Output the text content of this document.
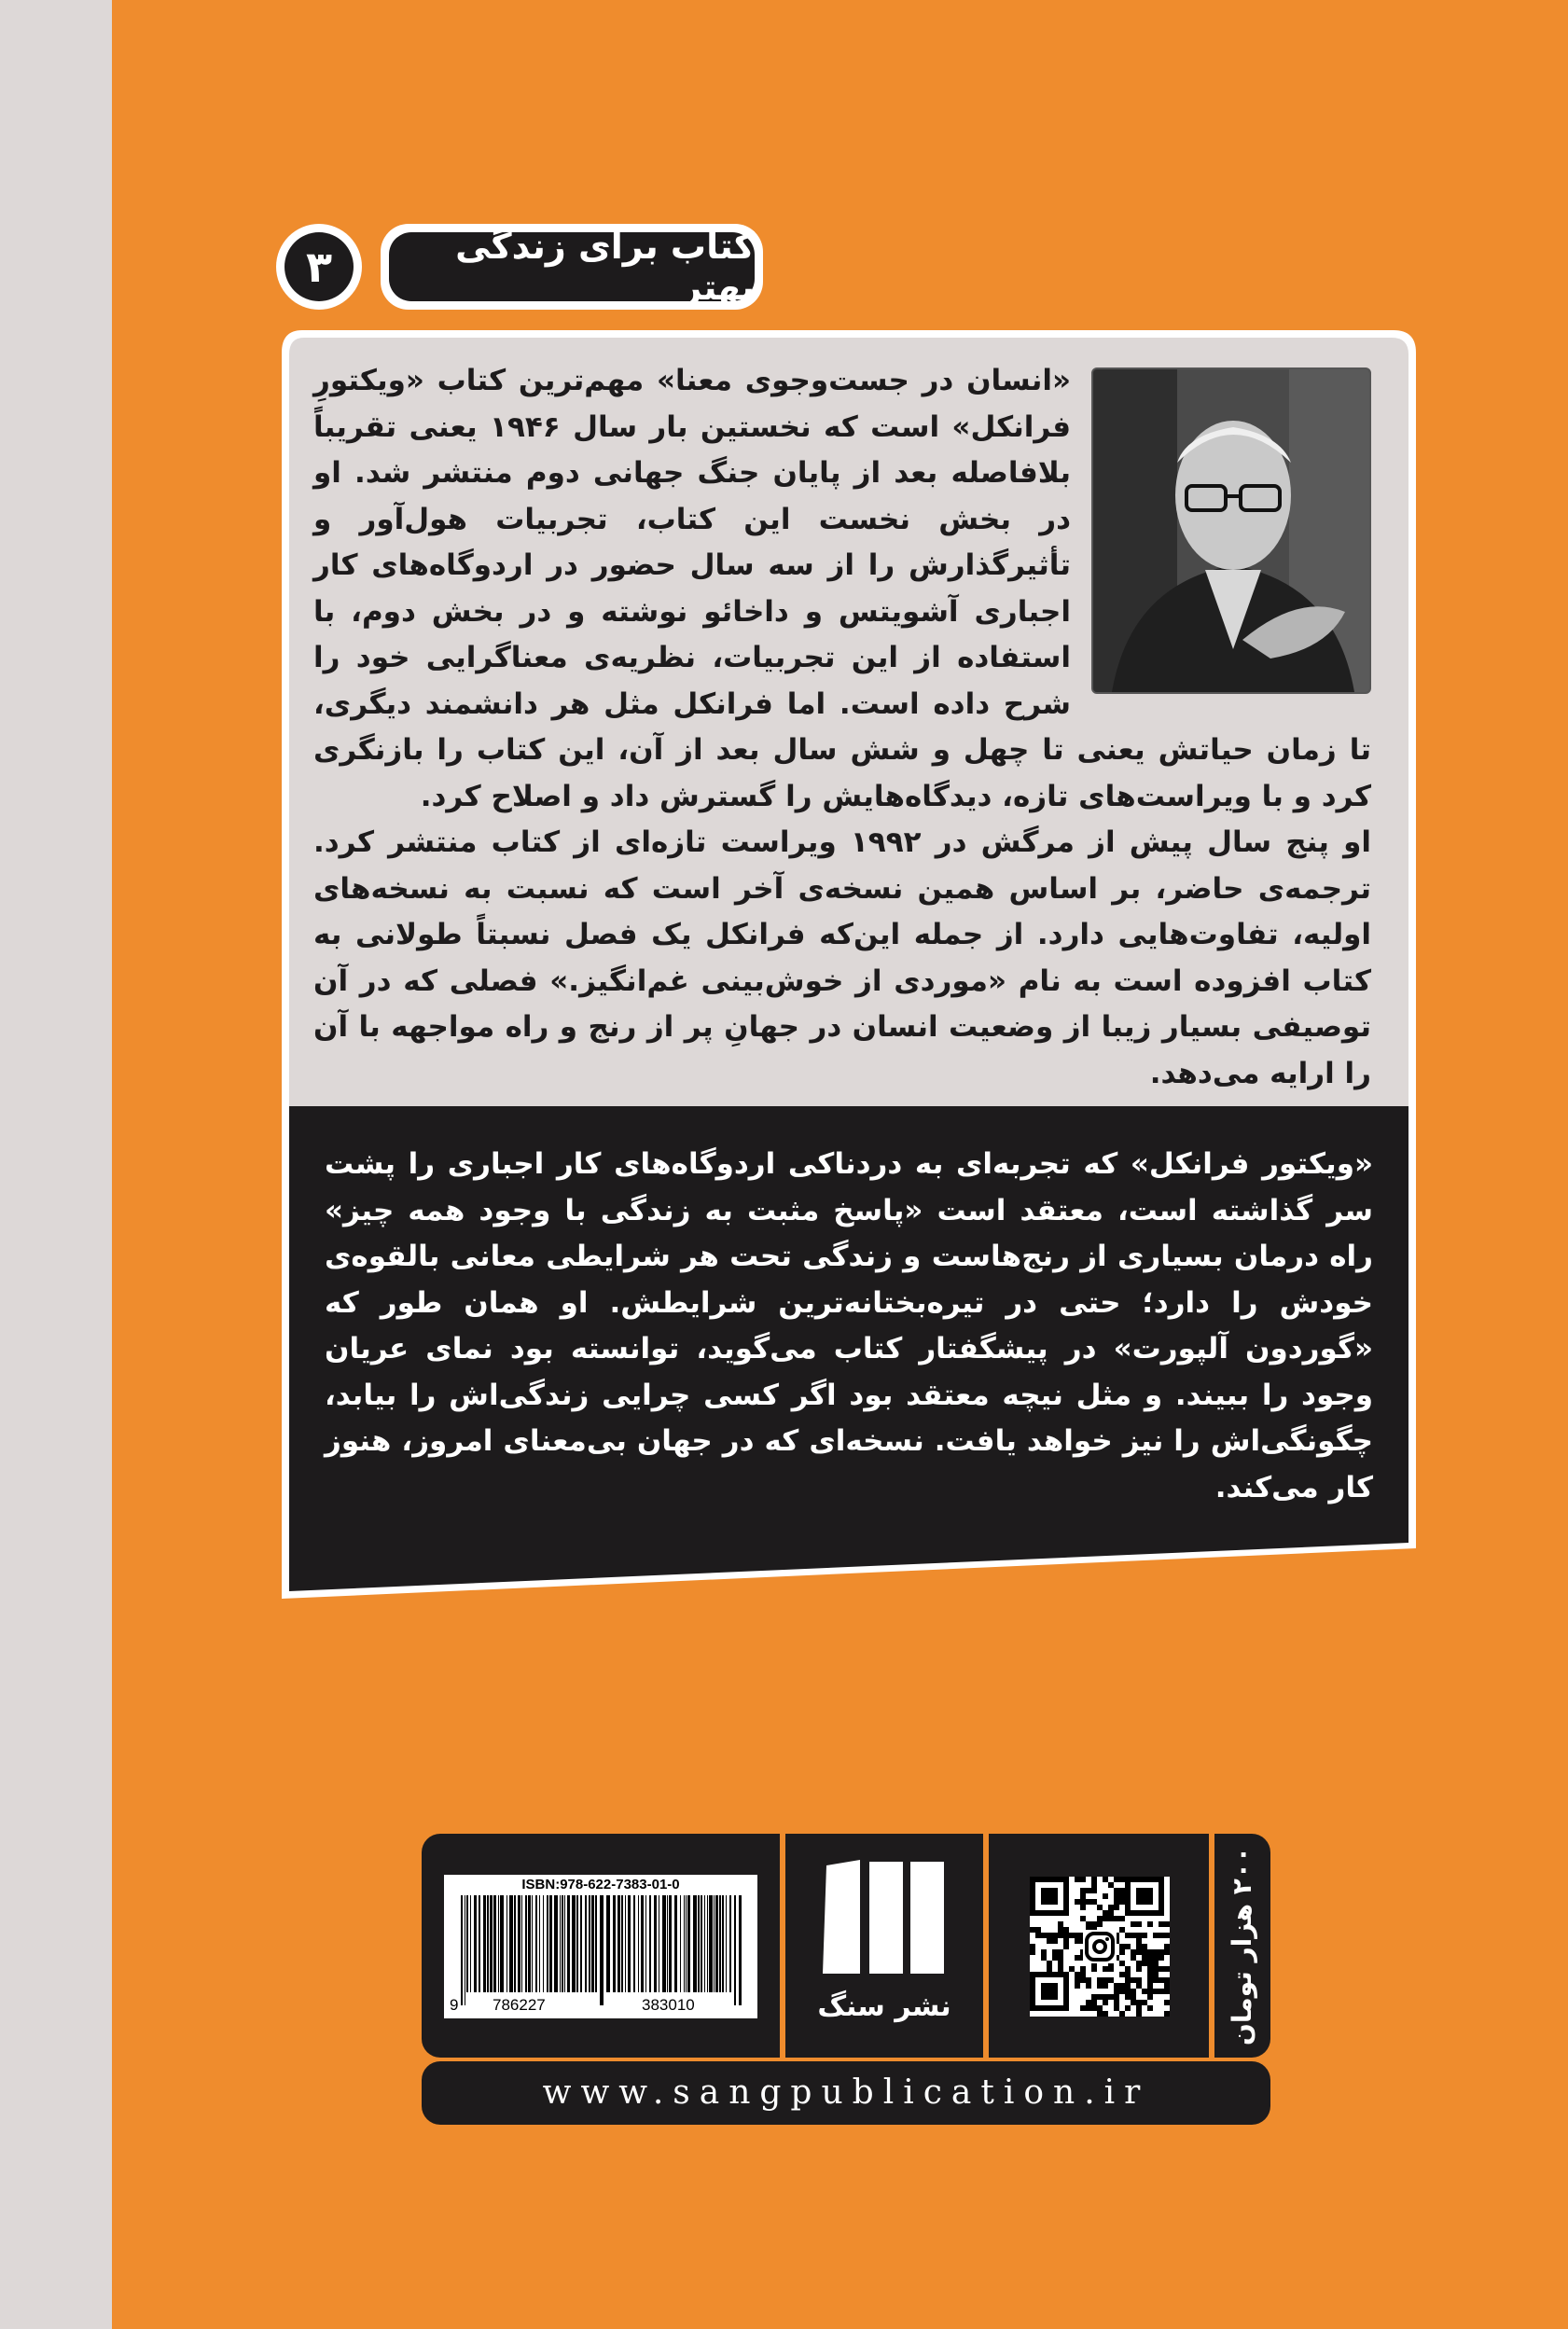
۳	کتاب برای زندگی بهتر

«انسان در جست‌وجوی معنا» مهم‌ترین کتاب «ویکتورِ فرانکل» است که نخستین بار سال ۱۹۴۶ یعنی تقریباً بلافاصله بعد از پایان جنگ جهانی دوم منتشر شد. او در بخش نخست این کتاب، تجربیات هول‌آور و تأثیرگذارش را از سه سال حضور در اردوگاه‌های کار اجباری آشویتس و داخائو نوشته و در بخش دوم، با استفاده از این تجربیات، نظریه‌ی معناگرایی خود را شرح داده است. اما فرانکل مثل هر دانشمند دیگری، تا زمان حیاتش یعنی تا چهل و شش سال بعد از آن، این کتاب را بازنگری کرد و با ویراست‌های تازه، دیدگاه‌هایش را گسترش داد و اصلاح کرد.

او پنج سال پیش از مرگش در ۱۹۹۲ ویراست تازه‌ای از کتاب منتشر کرد. ترجمه‌ی حاضر، بر اساس همین نسخه‌ی آخر است که نسبت به نسخه‌های اولیه، تفاوت‌هایی دارد. از جمله این‌که فرانکل یک فصل نسبتاً طولانی به کتاب افزوده است به نام «موردی از خوش‌بینی غم‌انگیز.» فصلی که در آن توصیفی بسیار زیبا از وضعیت انسان در جهانِ پر از رنج و راه مواجهه با آن را ارایه می‌دهد.

«ویکتور فرانکل» که تجربه‌ای به دردناکی اردوگاه‌های کار اجباری را پشت سر گذاشته است، معتقد است «پاسخ مثبت به زندگی با وجود همه چیز» راه درمان بسیاری از رنج‌هاست و زندگی تحت هر شرایطی معانی بالقوه‌ی خودش را دارد؛ حتی در تیره‌بختانه‌ترین شرایطش. او همان طور که «گوردون آلپورت» در پیشگفتار کتاب می‌گوید، توانسته بود نمای عریان وجود را ببیند. و مثل نیچه معتقد بود اگر کسی چرایی زندگی‌اش را بیابد، چگونگی‌اش را نیز خواهد یافت. نسخه‌ای که در جهان بی‌معنای امروز، هنوز کار می‌کند.

ISBN:978-622-7383-01-0
9 786227	383010	نشر سنگ	۲۰۰ هزار تومان
www.sangpublication.ir
